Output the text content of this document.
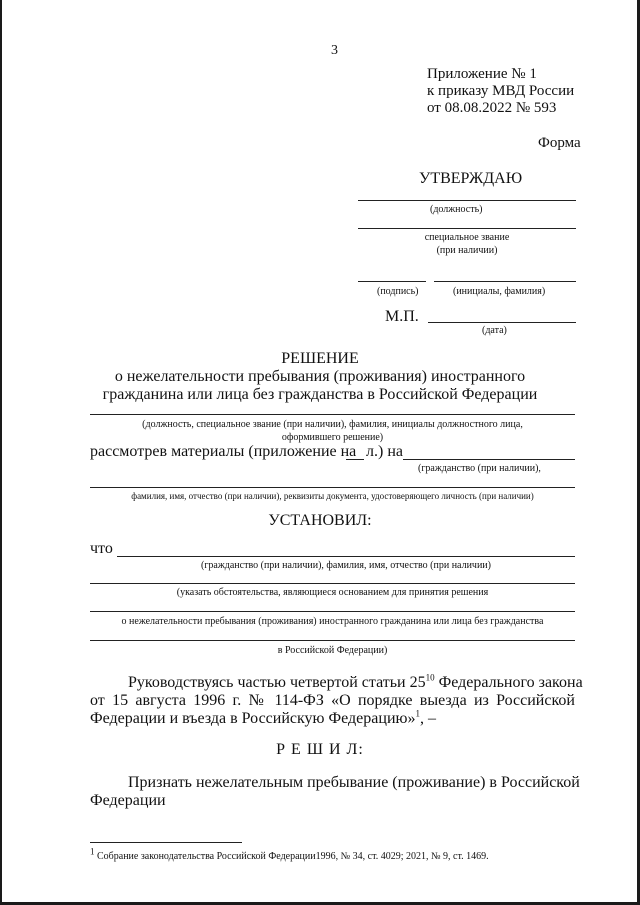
3
Приложение № 1
к приказу МВД России
от 08.08.2022 № 593
Форма
УТВЕРЖДАЮ
(должность)
специальное звание
(при наличии)
(подпись)	(инициалы, фамилия)
М.П.
(дата)
РЕШЕНИЕ
о нежелательности пребывания (проживания) иностранного
гражданина или лица без гражданства в Российской Федерации
(должность, специальное звание (при наличии), фамилия, инициалы должностного лица,
оформившего решение)
рассмотрев материалы (приложение на л.) на
(гражданство (при наличии),
фамилия, имя, отчество (при наличии), реквизиты документа, удостоверяющего личность (при наличии)
УСТАНОВИЛ:
что
(гражданство (при наличии), фамилия, имя, отчество (при наличии)
(указать обстоятельства, являющиеся основанием для принятия решения
о нежелательности пребывания (проживания) иностранного гражданина или лица без гражданства
в Российской Федерации)
Руководствуясь частью четвертой статьи $25^{10}$ Федерального закона
от 15 августа 1996 г. № 114-ФЗ «О порядке выезда из Российской
Федерации и въезда в Российскую Федерацию»$^1$, –
Р Е Ш И Л:
Признать нежелательным пребывание (проживание) в Российской
Федерации
$^1$ Собрание законодательства Российской Федерации1996, № 34, ст. 4029; 2021, № 9, ст. 1469.
